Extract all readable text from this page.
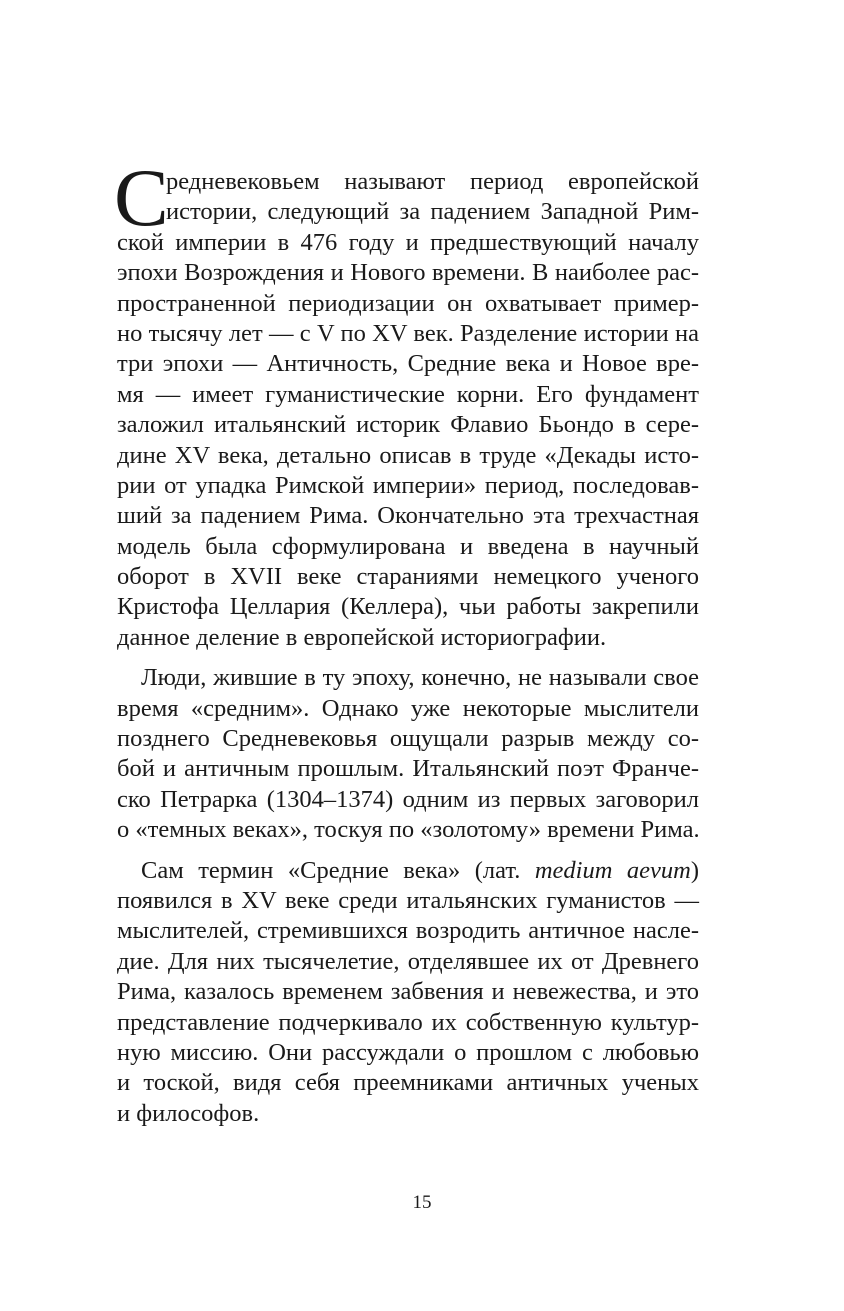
С
редневековьем называют период европейской
истории, следующий за падением Западной Рим-
ской империи в 476 году и предшествующий началу
эпохи Возрождения и Нового времени. В наиболее рас-
пространенной периодизации он охватывает пример-
но тысячу лет — с V по XV век. Разделение истории на
три эпохи — Античность, Средние века и Новое вре-
мя — имеет гуманистические корни. Его фундамент
заложил итальянский историк Флавио Бьондо в сере-
дине XV века, детально описав в труде «Декады исто-
рии от упадка Римской империи» период, последовав-
ший за падением Рима. Окончательно эта трехчастная
модель была сформулирована и введена в научный
оборот в XVII веке стараниями немецкого ученого
Кристофа Целлария (Келлера), чьи работы закрепили
данное деление в европейской историографии.
Люди, жившие в ту эпоху, конечно, не называли свое
время «средним». Однако уже некоторые мыслители
позднего Средневековья ощущали разрыв между со-
бой и античным прошлым. Итальянский поэт Франче-
ско Петрарка (1304–1374) одним из первых заговорил
о «темных веках», тоскуя по «золотому» времени Рима.
Сам термин «Средние века» (лат. medium aevum)
появился в XV веке среди итальянских гуманистов —
мыслителей, стремившихся возродить античное насле-
дие. Для них тысячелетие, отделявшее их от Древнего
Рима, казалось временем забвения и невежества, и это
представление подчеркивало их собственную культур-
ную миссию. Они рассуждали о прошлом с любовью
и тоской, видя себя преемниками античных ученых
и философов.
15
